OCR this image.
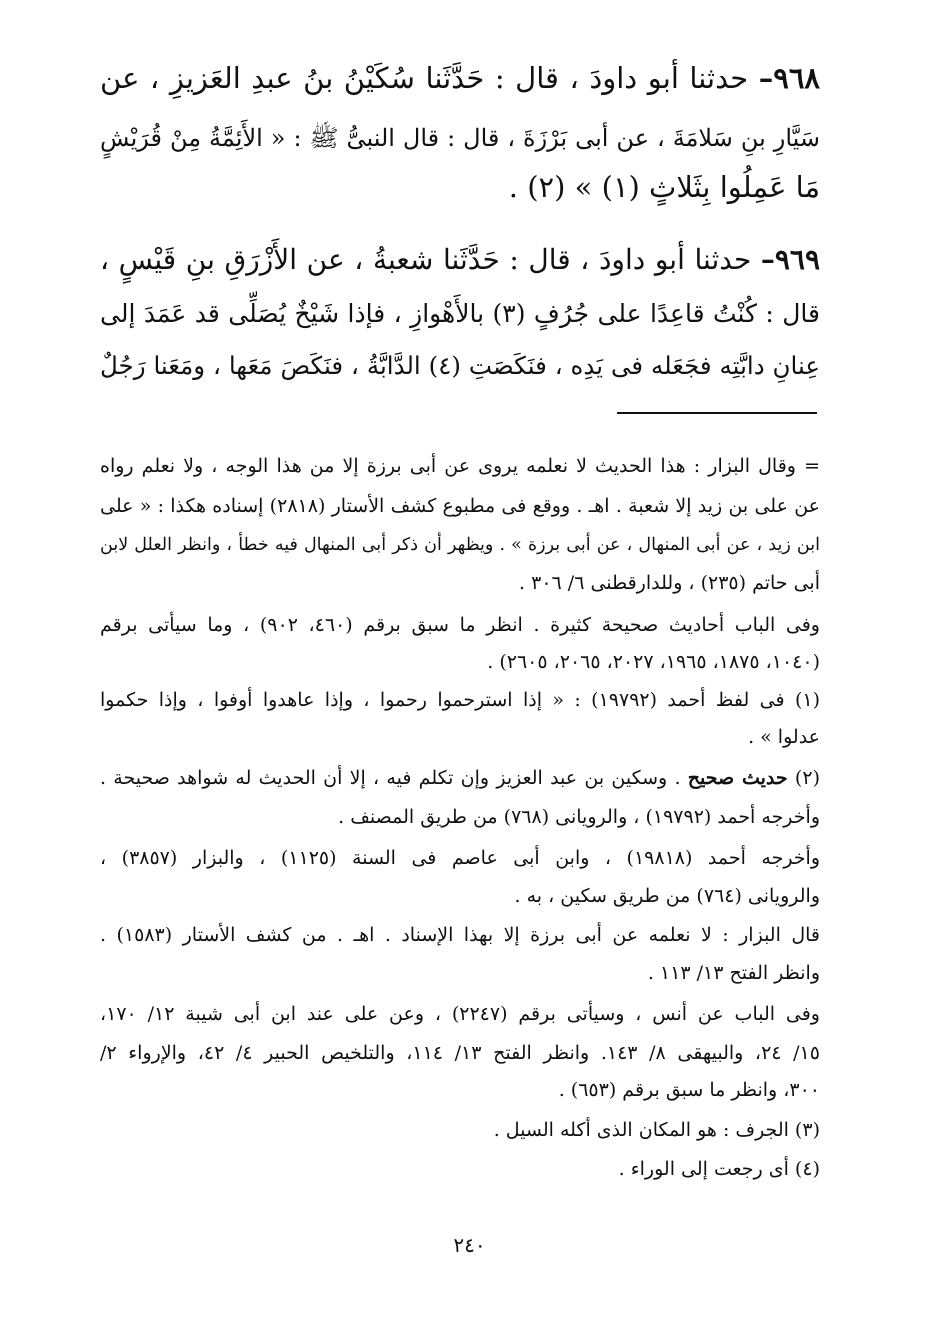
٩٦٨– حدثنا أبو داودَ ، قال : حَدَّثَنا سُكَيْنُ بنُ عبدِ العَزيزِ ، عن
سَيَّارِ بنِ سَلامَةَ ، عن أبى بَرْزَةَ ، قال : قال النبىُّ ﷺ : « الأَئِمَّةُ مِنْ قُرَيْشٍ
مَا عَمِلُوا بِثَلاثٍ (١) » (٢) .
٩٦٩– حدثنا أبو داودَ ، قال : حَدَّثَنا شعبةُ ، عن الأَزْرَقِ بنِ قَيْسٍ ،
قال : كُنْتُ قاعِدًا على جُرُفٍ (٣) بالأَهْوازِ ، فإذا شَيْخٌ يُصَلِّى قد عَمَدَ إلى
عِنانِ دابَّتِه فجَعَله فى يَدِه ، فنَكَصَتِ (٤) الدَّابَّةُ ، فنَكَصَ مَعَها ، ومَعَنا رَجُلٌ
= وقال البزار : هذا الحديث لا نعلمه يروى عن أبى برزة إلا من هذا الوجه ، ولا نعلم رواه
عن على بن زيد إلا شعبة . اهـ . ووقع فى مطبوع كشف الأستار (٢٨١٨) إسناده هكذا : « على
ابن زيد ، عن أبى المنهال ، عن أبى برزة » . ويظهر أن ذكر أبى المنهال فيه خطأ ، وانظر العلل لابن
أبى حاتم (٢٣٥) ، وللدارقطنى ٦/ ٣٠٦ .
وفى الباب أحاديث صحيحة كثيرة . انظر ما سبق برقم (٤٦٠، ٩٠٢) ، وما سيأتى برقم
(١٠٤٠، ١٨٧٥، ١٩٦٥، ٢٠٢٧، ٢٠٦٥، ٢٦٠٥) .
(١) فى لفظ أحمد (١٩٧٩٢) : « إذا استرحموا رحموا ، وإذا عاهدوا أوفوا ، وإذا حكموا
عدلوا » .
(٢) حديث صحيح . وسكين بن عبد العزيز وإن تكلم فيه ، إلا أن الحديث له شواهد صحيحة .
وأخرجه أحمد (١٩٧٩٢) ، والرويانى (٧٦٨) من طريق المصنف .
وأخرجه أحمد (١٩٨١٨) ، وابن أبى عاصم فى السنة (١١٢٥) ، والبزار (٣٨٥٧) ،
والرويانى (٧٦٤) من طريق سكين ، به .
قال البزار : لا نعلمه عن أبى برزة إلا بهذا الإسناد . اهـ . من كشف الأستار (١٥٨٣) .
وانظر الفتح ١٣/ ١١٣ .
وفى الباب عن أنس ، وسيأتى برقم (٢٢٤٧) ، وعن على عند ابن أبى شيبة ١٢/ ١٧٠،
١٥/ ٢٤، والبيهقى ٨/ ١٤٣. وانظر الفتح ١٣/ ١١٤، والتلخيص الحبير ٤/ ٤٢، والإرواء ٢/
٣٠٠، وانظر ما سبق برقم (٦٥٣) .
(٣) الجرف : هو المكان الذى أكله السيل .
(٤) أى رجعت إلى الوراء .
٢٤٠
